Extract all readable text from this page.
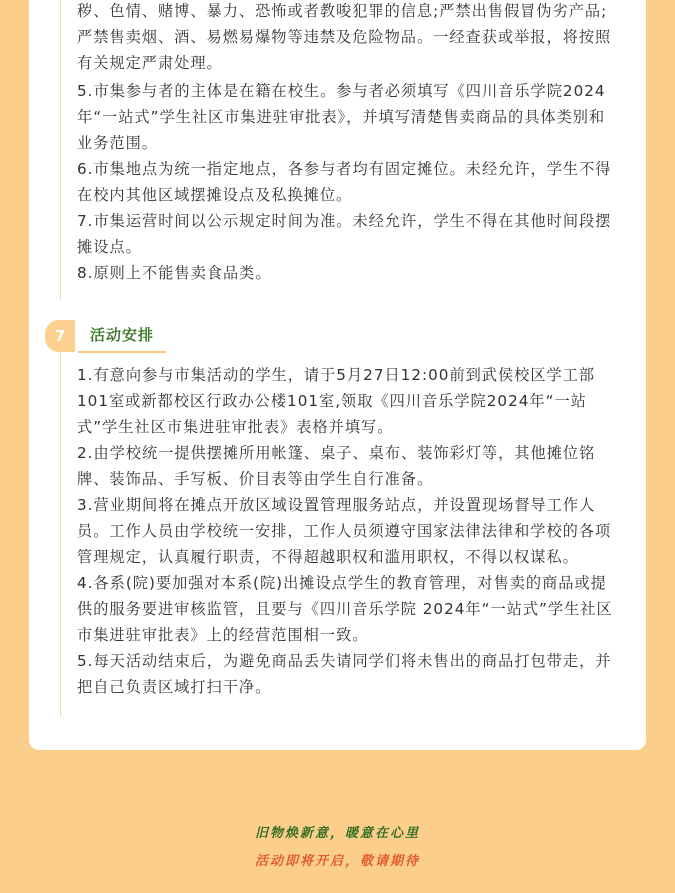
秽、色情、赌博、暴力、恐怖或者教唆犯罪的信息;严禁出售假冒伪劣产品;严禁售卖烟、酒、易燃易爆物等违禁及危险物品。一经查获或举报，将按照有关规定严肃处理。

5.市集参与者的主体是在籍在校生。参与者必须填写《四川音乐学院2024年“一站式”学生社区市集进驻审批表》，并填写清楚售卖商品的具体类别和业务范围。

6.市集地点为统一指定地点，各参与者均有固定摊位。未经允许，学生不得在校内其他区域摆摊设点及私换摊位。

7.市集运营时间以公示规定时间为准。未经允许，学生不得在其他时间段摆摊设点。

8.原则上不能售卖食品类。

7	活动安排

1.有意向参与市集活动的学生，请于5月27日12:00前到武侯校区学工部101室或新都校区行政办公楼101室,领取《四川音乐学院2024年“一站式”学生社区市集进驻审批表》表格并填写。

2.由学校统一提供摆摊所用帐篷、桌子、桌布、装饰彩灯等，其他摊位铭牌、装饰品、手写板、价目表等由学生自行准备。

3.营业期间将在摊点开放区域设置管理服务站点，并设置现场督导工作人员。工作人员由学校统一安排，工作人员须遵守国家法律法律和学校的各项管理规定，认真履行职责，不得超越职权和滥用职权，不得以权谋私。

4.各系(院)要加强对本系(院)出摊设点学生的教育管理，对售卖的商品或提供的服务要进审核监管，且要与《四川音乐学院 2024年“一站式”学生社区市集进驻审批表》上的经营范围相一致。

5.每天活动结束后，为避免商品丢失请同学们将未售出的商品打包带走，并把自己负责区域打扫干净。

旧物焕新意，暖意在心里
活动即将开启，敬请期待
